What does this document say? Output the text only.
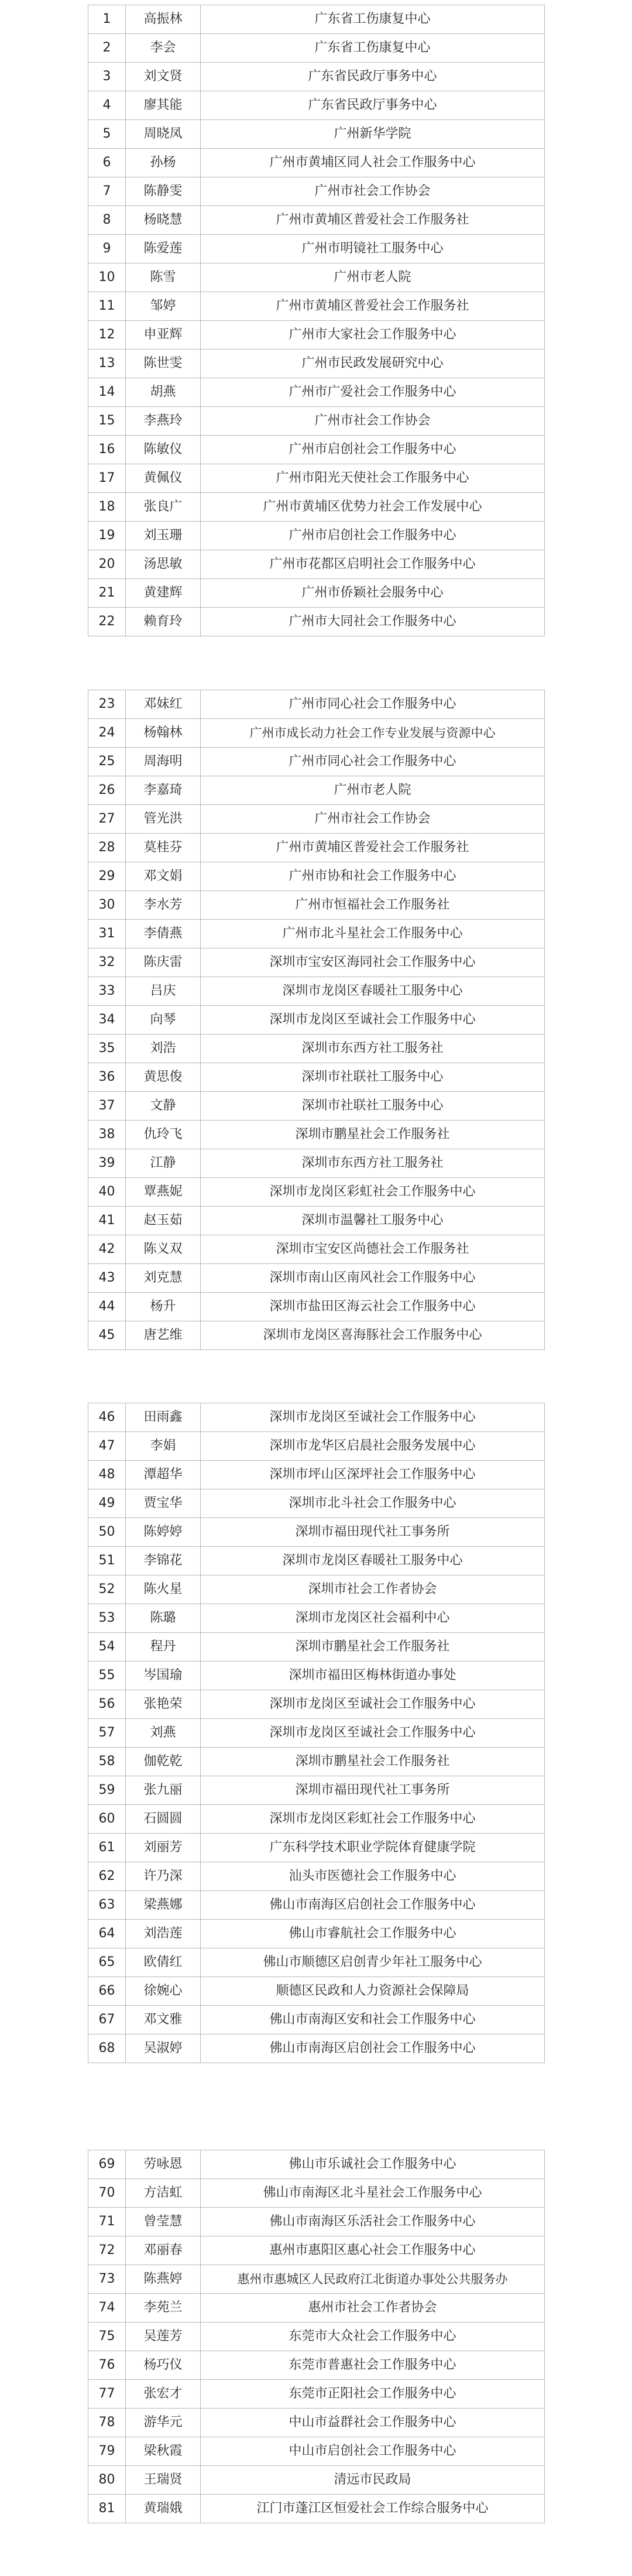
1	高振林	广东省工伤康复中心
2	李会	广东省工伤康复中心
3	刘文贤	广东省民政厅事务中心
4	廖其能	广东省民政厅事务中心
5	周晓凤	广州新华学院
6	孙杨	广州市黄埔区同人社会工作服务中心
7	陈静雯	广州市社会工作协会
8	杨晓慧	广州市黄埔区普爱社会工作服务社
9	陈爱莲	广州市明镜社工服务中心
10	陈雪	广州市老人院
11	邹婷	广州市黄埔区普爱社会工作服务社
12	申亚辉	广州市大家社会工作服务中心
13	陈世雯	广州市民政发展研究中心
14	胡燕	广州市广爱社会工作服务中心
15	李燕玲	广州市社会工作协会
16	陈敏仪	广州市启创社会工作服务中心
17	黄佩仪	广州市阳光天使社会工作服务中心
18	张良广	广州市黄埔区优势力社会工作发展中心
19	刘玉珊	广州市启创社会工作服务中心
20	汤思敏	广州市花都区启明社会工作服务中心
21	黄建辉	广州市侨颖社会服务中心
22	赖育玲	广州市大同社会工作服务中心
23	邓妹红	广州市同心社会工作服务中心
24	杨翰林	广州市成长动力社会工作专业发展与资源中心
25	周海明	广州市同心社会工作服务中心
26	李嘉琦	广州市老人院
27	管光洪	广州市社会工作协会
28	莫桂芬	广州市黄埔区普爱社会工作服务社
29	邓文娟	广州市协和社会工作服务中心
30	李水芳	广州市恒福社会工作服务社
31	李倩燕	广州市北斗星社会工作服务中心
32	陈庆雷	深圳市宝安区海同社会工作服务中心
33	吕庆	深圳市龙岗区春暖社工服务中心
34	向琴	深圳市龙岗区至诚社会工作服务中心
35	刘浩	深圳市东西方社工服务社
36	黄思俊	深圳市社联社工服务中心
37	文静	深圳市社联社工服务中心
38	仇玲飞	深圳市鹏星社会工作服务社
39	江静	深圳市东西方社工服务社
40	覃燕妮	深圳市龙岗区彩虹社会工作服务中心
41	赵玉茹	深圳市温馨社工服务中心
42	陈义双	深圳市宝安区尚德社会工作服务社
43	刘克慧	深圳市南山区南风社会工作服务中心
44	杨升	深圳市盐田区海云社会工作服务中心
45	唐艺维	深圳市龙岗区喜海豚社会工作服务中心
46	田雨鑫	深圳市龙岗区至诚社会工作服务中心
47	李娟	深圳市龙华区启晨社会服务发展中心
48	潭超华	深圳市坪山区深坪社会工作服务中心
49	贾宝华	深圳市北斗社会工作服务中心
50	陈婷婷	深圳市福田现代社工事务所
51	李锦花	深圳市龙岗区春暖社工服务中心
52	陈火星	深圳市社会工作者协会
53	陈璐	深圳市龙岗区社会福利中心
54	程丹	深圳市鹏星社会工作服务社
55	岑国瑜	深圳市福田区梅林街道办事处
56	张艳荣	深圳市龙岗区至诚社会工作服务中心
57	刘燕	深圳市龙岗区至诚社会工作服务中心
58	伽乾乾	深圳市鹏星社会工作服务社
59	张九丽	深圳市福田现代社工事务所
60	石圆圆	深圳市龙岗区彩虹社会工作服务中心
61	刘丽芳	广东科学技术职业学院体育健康学院
62	许乃深	汕头市医德社会工作服务中心
63	梁燕娜	佛山市南海区启创社会工作服务中心
64	刘浩莲	佛山市睿航社会工作服务中心
65	欧倩红	佛山市顺德区启创青少年社工服务中心
66	徐婉心	顺德区民政和人力资源社会保障局
67	邓文雅	佛山市南海区安和社会工作服务中心
68	吴淑婷	佛山市南海区启创社会工作服务中心
69	劳咏恩	佛山市乐诚社会工作服务中心
70	方洁虹	佛山市南海区北斗星社会工作服务中心
71	曾莹慧	佛山市南海区乐活社会工作服务中心
72	邓丽春	惠州市惠阳区惠心社会工作服务中心
73	陈燕婷	惠州市惠城区人民政府江北街道办事处公共服务办
74	李苑兰	惠州市社会工作者协会
75	吴莲芳	东莞市大众社会工作服务中心
76	杨巧仪	东莞市普惠社会工作服务中心
77	张宏才	东莞市正阳社会工作服务中心
78	游华元	中山市益群社会工作服务中心
79	梁秋霞	中山市启创社会工作服务中心
80	王瑞贤	清远市民政局
81	黄瑞娥	江门市蓬江区恒爱社会工作综合服务中心
